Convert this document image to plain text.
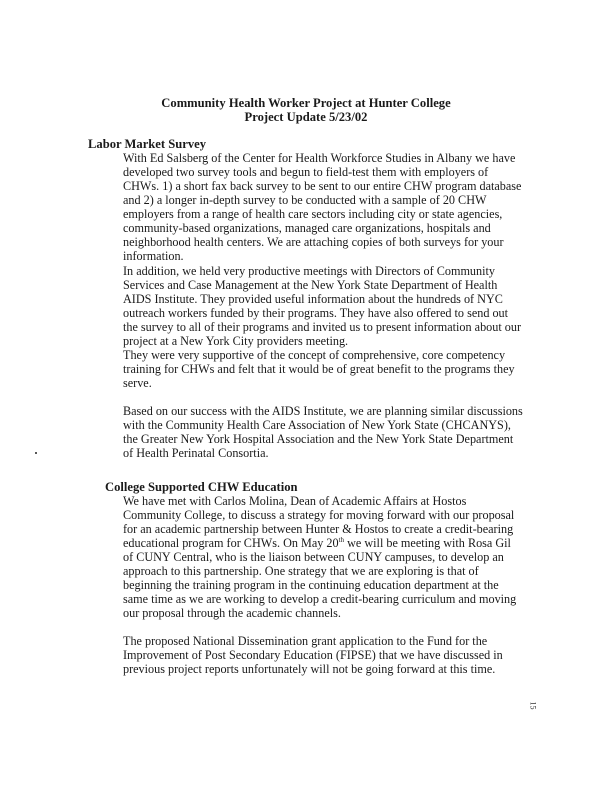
Community Health Worker Project at Hunter College
Project Update 5/23/02
Labor Market Survey

With Ed Salsberg of the Center for Health Workforce Studies in Albany we have

developed two survey tools and begun to field-test them with employers of

CHWs. 1) a short fax back survey to be sent to our entire CHW program database

and 2) a longer in-depth survey to be conducted with a sample of 20 CHW

employers from a range of health care sectors including city or state agencies,

community-based organizations, managed care organizations, hospitals and

neighborhood health centers. We are attaching copies of both surveys for your

information.

In addition, we held very productive meetings with Directors of Community

Services and Case Management at the New York State Department of Health

AIDS Institute. They provided useful information about the hundreds of NYC

outreach workers funded by their programs. They have also offered to send out

the survey to all of their programs and invited us to present information about our

project at a New York City providers meeting.

They were very supportive of the concept of comprehensive, core competency

training for CHWs and felt that it would be of great benefit to the programs they

serve.

Based on our success with the AIDS Institute, we are planning similar discussions

with the Community Health Care Association of New York State (CHCANYS),

the Greater New York Hospital Association and the New York State Department

of Health Perinatal Consortia.

College Supported CHW Education

We have met with Carlos Molina, Dean of Academic Affairs at Hostos

Community College, to discuss a strategy for moving forward with our proposal

for an academic partnership between Hunter & Hostos to create a credit-bearing

educational program for CHWs. On May 20th we will be meeting with Rosa Gil

of CUNY Central, who is the liaison between CUNY campuses, to develop an

approach to this partnership. One strategy that we are exploring is that of

beginning the training program in the continuing education department at the

same time as we are working to develop a credit-bearing curriculum and moving

our proposal through the academic channels.

The proposed National Dissemination grant application to the Fund for the

Improvement of Post Secondary Education (FIPSE) that we have discussed in

previous project reports unfortunately will not be going forward at this time.

15
